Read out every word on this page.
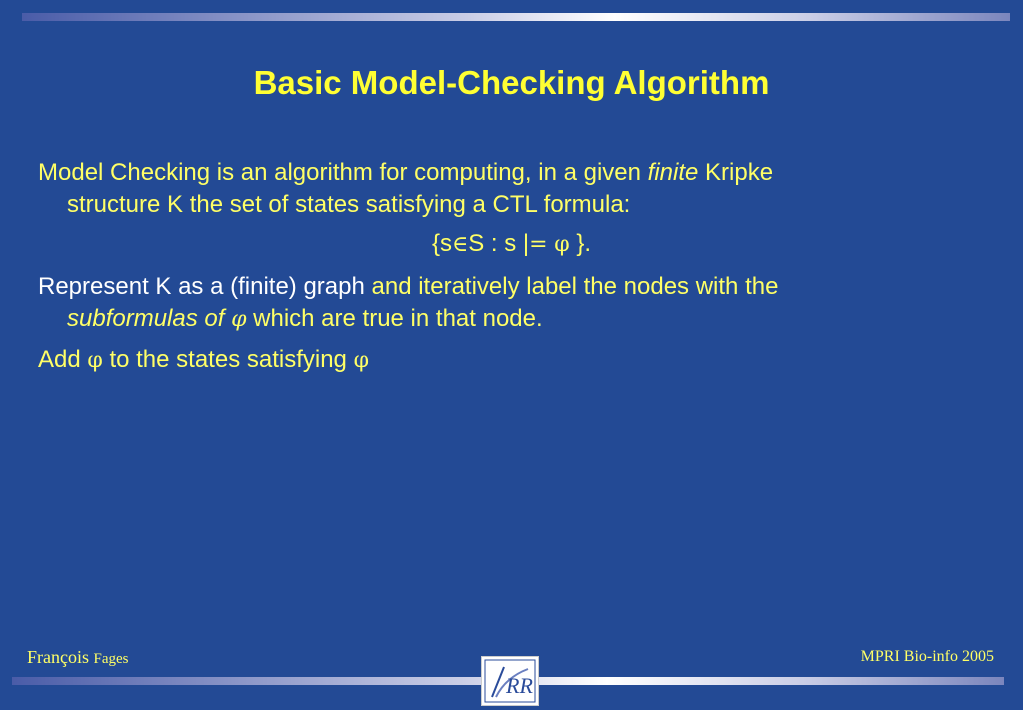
Basic Model-Checking Algorithm
Model Checking is an algorithm for computing, in a given finite Kripke
structure K the set of states satisfying a CTL formula:
{s∈S : s |= φ }.
Represent K as a (finite) graph and iteratively label the nodes with the
subformulas of φ which are true in that node.
Add φ to the states satisfying φ
François Fages	MPRI Bio-info 2005
RR
